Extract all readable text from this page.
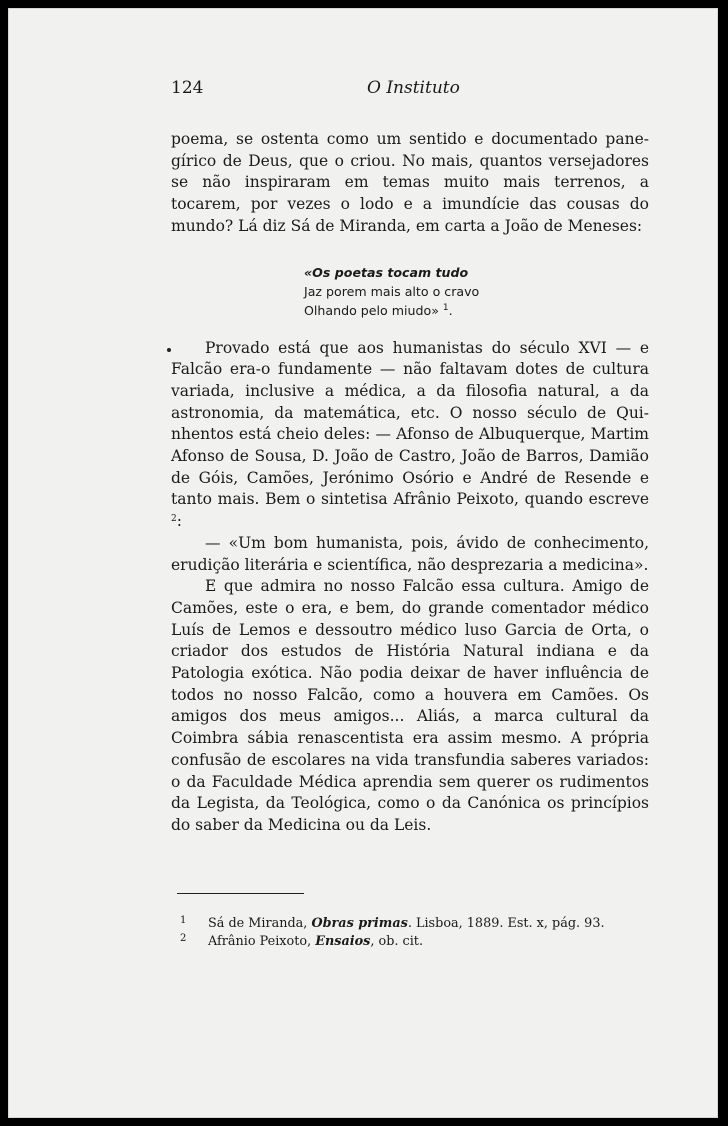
124	O Instituto

poema, se ostenta como um sentido e documentado pane-gírico de Deus, que o criou. No mais, quantos versejadores se não inspiraram em temas muito mais terrenos, a tocarem, por vezes o lodo e a imundície das cousas do mundo? Lá diz Sá de Miranda, em carta a João de Meneses:

«Os poetas tocam tudo
Jaz porem mais alto o cravo
Olhando pelo miudo» $^1$.

Provado está que aos humanistas do século XVI — e Falcão era-o fundamente — não faltavam dotes de cultura variada, inclusive a médica, a da filosofia natural, a da astronomia, da matemática, etc. O nosso século de Qui-nhentos está cheio deles: — Afonso de Albuquerque, Martim Afonso de Sousa, D. João de Castro, João de Barros, Damião de Góis, Camões, Jerónimo Osório e André de Resende e tanto mais. Bem o sintetisa Afrânio Peixoto, quando escreve $^2$:

— «Um bom humanista, pois, ávido de conhecimento, erudição literária e scientífica, não desprezaria a medicina».

E que admira no nosso Falcão essa cultura. Amigo de Camões, este o era, e bem, do grande comentador médico Luís de Lemos e dessoutro médico luso Garcia de Orta, o criador dos estudos de História Natural indiana e da Patologia exótica. Não podia deixar de haver influência de todos no nosso Falcão, como a houvera em Camões. Os amigos dos meus amigos... Aliás, a marca cultural da Coimbra sábia renascentista era assim mesmo. A própria confusão de escolares na vida transfundia saberes variados: o da Faculdade Médica aprendia sem querer os rudimentos da Legista, da Teológica, como o da Canónica os princípios do saber da Medicina ou da Leis.

1 Sá de Miranda, Obras primas. Lisboa, 1889. Est. x, pág. 93.
2 Afrânio Peixoto, Ensaios, ob. cit.
